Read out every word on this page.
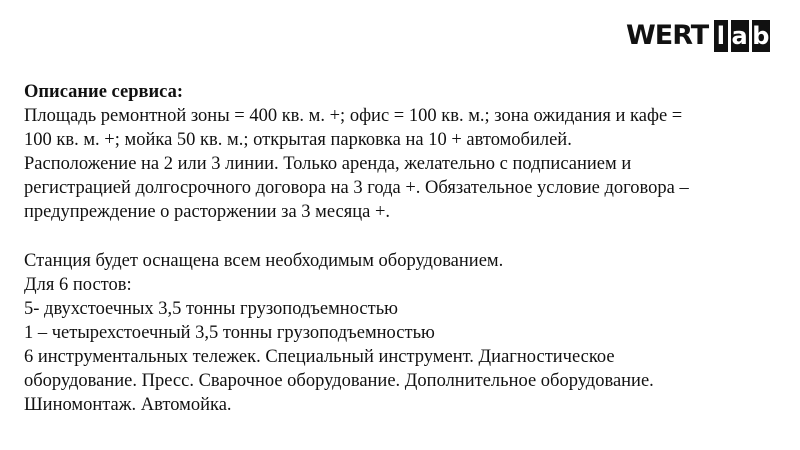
WERT l a b

Описание сервиса:

Площадь ремонтной зоны = 400 кв. м. +; офис = 100 кв. м.; зона ожидания и кафе =

100 кв. м. +; мойка 50 кв. м.; открытая парковка на 10 + автомобилей.

Расположение на 2 или 3 линии. Только аренда, желательно с подписанием и

регистрацией долгосрочного договора на 3 года +. Обязательное условие договора –

предупреждение о расторжении за 3 месяца +.

Станция будет оснащена всем необходимым оборудованием.

Для 6 постов:

5- двухстоечных 3,5 тонны грузоподъемностью

1 – четырехстоечный 3,5 тонны грузоподъемностью

6 инструментальных тележек. Специальный инструмент. Диагностическое

оборудование. Пресс. Сварочное оборудование. Дополнительное оборудование.

Шиномонтаж. Автомойка.
